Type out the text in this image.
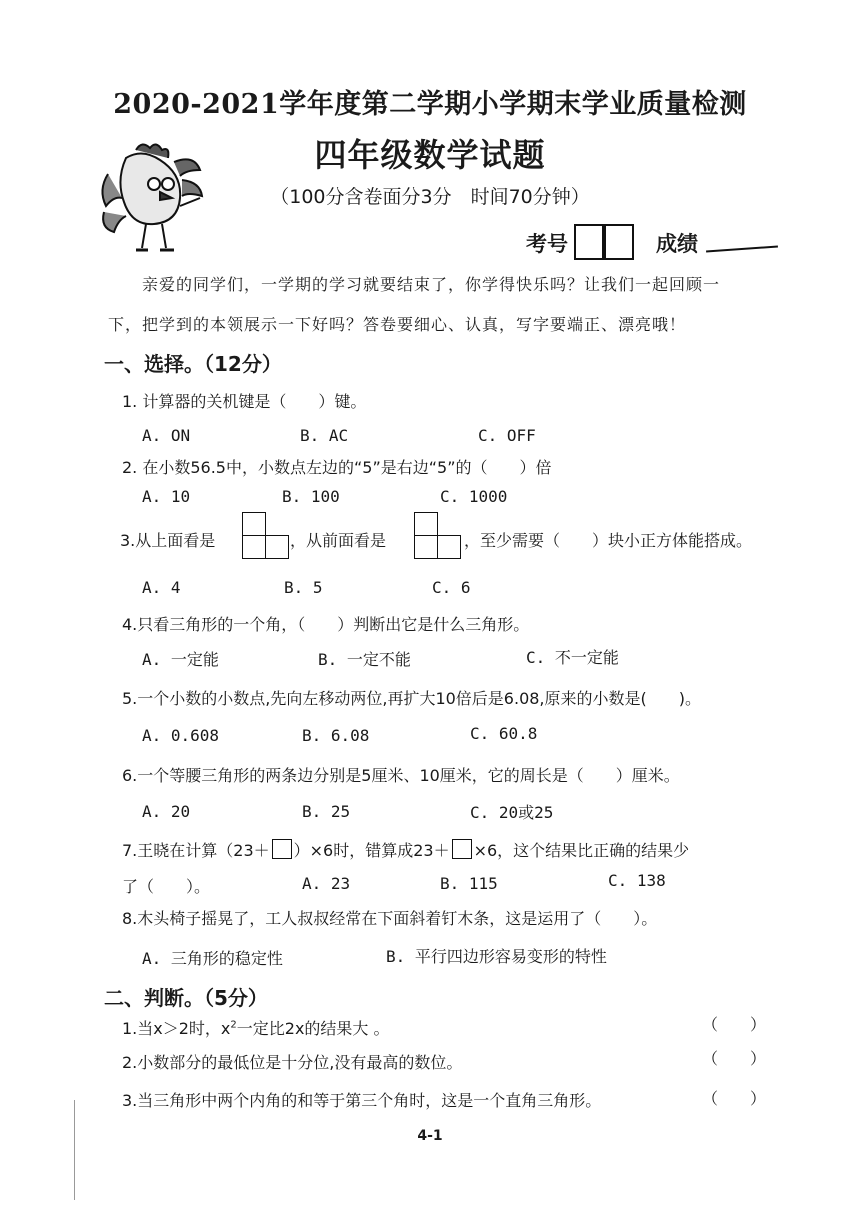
2020-2021学年度第二学期小学期末学业质量检测
四年级数学试题
（100分含卷面分3分　时间70分钟）
考号	成绩
亲爱的同学们，一学期的学习就要结束了，你学得快乐吗？让我们一起回顾一
下，把学到的本领展示一下好吗？答卷要细心、认真，写字要端正、漂亮哦！
一、选择。（12分）
1. 计算器的关机键是（　　）键。
A. ON	B. AC	C. OFF
2. 在小数56.5中，小数点左边的“5”是右边“5”的（　　）倍
A. 10	B. 100	C. 1000
3.从上面看是	，从前面看是	，至少需要（　　）块小正方体能搭成。
A. 4	B. 5	C. 6
4.只看三角形的一个角，（　　）判断出它是什么三角形。
A. 一定能	B. 一定不能	C. 不一定能
5.一个小数的小数点,先向左移动两位,再扩大10倍后是6.08,原来的小数是(　　)。
A. 0.608	B. 6.08	C. 60.8
6.一个等腰三角形的两条边分别是5厘米、10厘米，它的周长是（　　）厘米。
A. 20	B. 25	C. 20或25
7.王晓在计算（23＋ ）×6时，错算成23＋ ×6，这个结果比正确的结果少
了（　　）。	A. 23	B. 115	C. 138
8.木头椅子摇晃了，工人叔叔经常在下面斜着钉木条，这是运用了（　　）。
A. 三角形的稳定性	B. 平行四边形容易变形的特性
二、判断。（5分）
1.当x＞2时，$x^2$一定比2x的结果大 。	（　　）
2.小数部分的最低位是十分位,没有最高的数位。	（　　）
3.当三角形中两个内角的和等于第三个角时，这是一个直角三角形。	（　　）
4-1
